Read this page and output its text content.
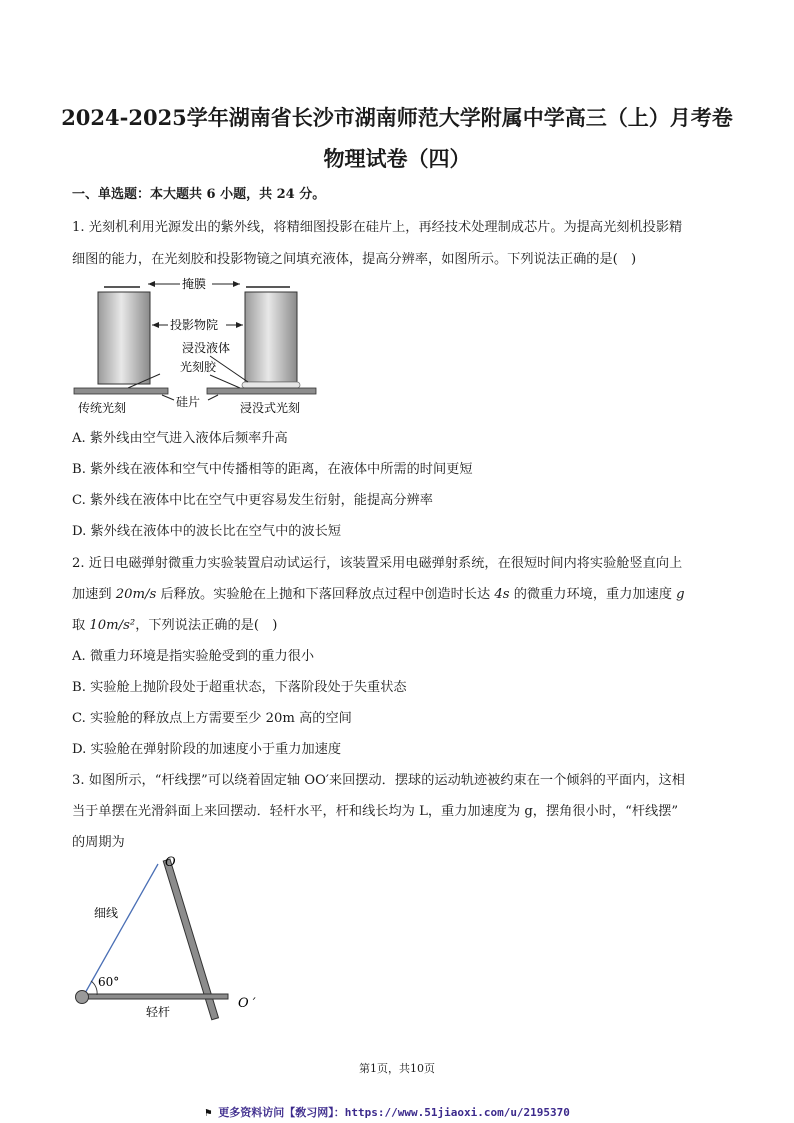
2024-2025学年湖南省长沙市湖南师范大学附属中学高三（上）月考卷
物理试卷（四）
一、单选题：本大题共 6 小题，共 24 分。
1. 光刻机利用光源发出的紫外线，将精细图投影在硅片上，再经技术处理制成芯片。为提高光刻机投影精
细图的能力，在光刻胶和投影物镜之间填充液体，提高分辨率，如图所示。下列说法正确的是(　)
掩膜
投影物院
浸没液体
光刻胶
硅片
传统光刻	浸没式光刻
A. 紫外线由空气进入液体后频率升高
B. 紫外线在液体和空气中传播相等的距离，在液体中所需的时间更短
C. 紫外线在液体中比在空气中更容易发生衍射，能提高分辨率
D. 紫外线在液体中的波长比在空气中的波长短
2. 近日电磁弹射微重力实验装置启动试运行，该装置采用电磁弹射系统，在很短时间内将实验舱竖直向上
加速到 20m/s 后释放。实验舱在上抛和下落回释放点过程中创造时长达 4s 的微重力环境，重力加速度 g
取 10m/s²，下列说法正确的是(　)
A. 微重力环境是指实验舱受到的重力很小
B. 实验舱上抛阶段处于超重状态，下落阶段处于失重状态
C. 实验舱的释放点上方需要至少 20m 高的空间
D. 实验舱在弹射阶段的加速度小于重力加速度
3. 如图所示，“杆线摆”可以绕着固定轴 OO′来回摆动．摆球的运动轨迹被约束在一个倾斜的平面内，这相
当于单摆在光滑斜面上来回摆动．轻杆水平，杆和线长均为 L，重力加速度为 g，摆角很小时，“杆线摆”
的周期为
60°
O
O ′
细线
轻杆
第1页，共10页
⚑ 更多资料访问【敎习网】：https://www.51jiaoxi.com/u/2195370
